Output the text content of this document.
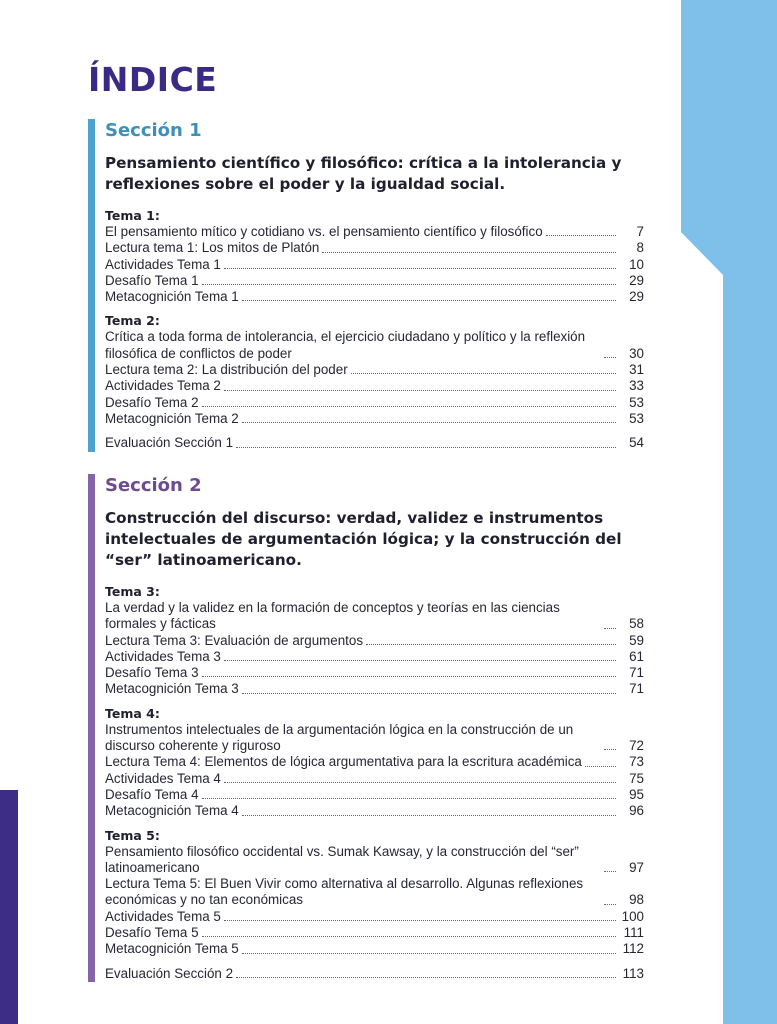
ÍNDICE
Sección 1
Pensamiento científico y filosófico: crítica a la intolerancia y reflexiones sobre el poder y la igualdad social.
Tema 1:
El pensamiento mítico y cotidiano vs. el pensamiento científico y filosófico	7
Lectura tema 1: Los mitos de Platón	8
Actividades Tema 1	10
Desafío Tema 1	29
Metacognición Tema 1	29
Tema 2:
Crítica a toda forma de intolerancia, el ejercicio ciudadano y político y la reflexión filosófica de conflictos de poder	30
Lectura tema 2: La distribución del poder	31
Actividades Tema 2	33
Desafío Tema 2	53
Metacognición Tema 2	53
Evaluación Sección 1	54
Sección 2
Construcción del discurso: verdad, validez e instrumentos intelectuales de argumentación lógica; y la construcción del “ser” latinoamericano.
Tema 3:
La verdad y la validez en la formación de conceptos y teorías en las ciencias formales y fácticas	58
Lectura Tema 3: Evaluación de argumentos	59
Actividades Tema 3	61
Desafío Tema 3	71
Metacognición Tema 3	71
Tema 4:
Instrumentos intelectuales de la argumentación lógica en la construcción de un discurso coherente y riguroso	72
Lectura Tema 4: Elementos de lógica argumentativa para la escritura académica	73
Actividades Tema 4	75
Desafío Tema 4	95
Metacognición Tema 4	96
Tema 5:
Pensamiento filosófico occidental vs. Sumak Kawsay, y la construcción del “ser” latinoamericano	97
Lectura Tema 5: El Buen Vivir como alternativa al desarrollo. Algunas reflexiones económicas y no tan económicas	98
Actividades Tema 5	100
Desafío Tema 5	111
Metacognición Tema 5	112
Evaluación Sección 2	113
